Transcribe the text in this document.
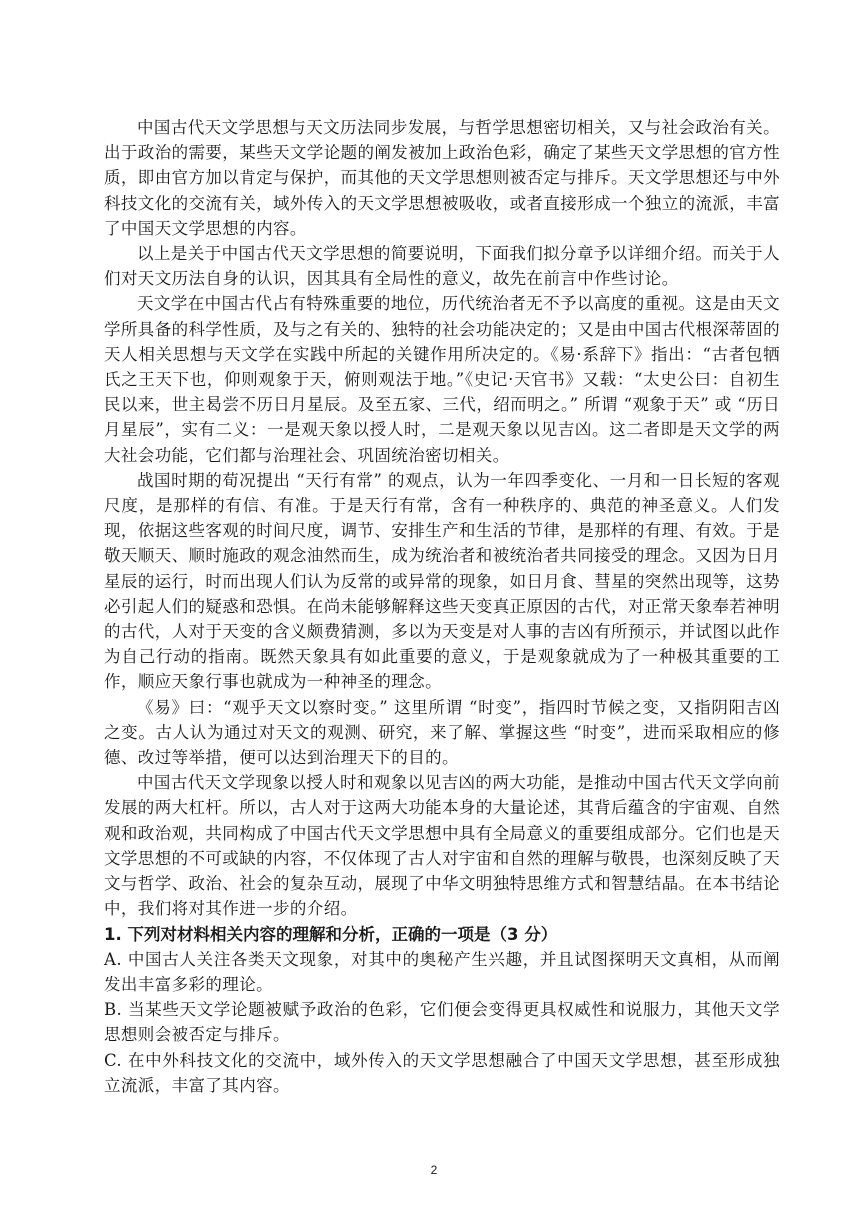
中国古代天文学思想与天文历法同步发展，与哲学思想密切相关，又与社会政治有关。出于政治的需要，某些天文学论题的阐发被加上政治色彩，确定了某些天文学思想的官方性质，即由官方加以肯定与保护，而其他的天文学思想则被否定与排斥。天文学思想还与中外科技文化的交流有关，域外传入的天文学思想被吸收，或者直接形成一个独立的流派，丰富了中国天文学思想的内容。

以上是关于中国古代天文学思想的简要说明，下面我们拟分章予以详细介绍。而关于人们对天文历法自身的认识，因其具有全局性的意义，故先在前言中作些讨论。

天文学在中国古代占有特殊重要的地位，历代统治者无不予以高度的重视。这是由天文学所具备的科学性质，及与之有关的、独特的社会功能决定的；又是由中国古代根深蒂固的天人相关思想与天文学在实践中所起的关键作用所决定的。《易·系辞下》指出：“古者包牺氏之王天下也，仰则观象于天，俯则观法于地。”《史记·天官书》又载：“太史公曰：自初生民以来，世主曷尝不历日月星辰。及至五家、三代，绍而明之。” 所谓 “观象于天” 或 “历日月星辰”，实有二义：一是观天象以授人时，二是观天象以见吉凶。这二者即是天文学的两大社会功能，它们都与治理社会、巩固统治密切相关。

战国时期的荀况提出 “天行有常” 的观点，认为一年四季变化、一月和一日长短的客观尺度，是那样的有信、有准。于是天行有常，含有一种秩序的、典范的神圣意义。人们发现，依据这些客观的时间尺度，调节、安排生产和生活的节律，是那样的有理、有效。于是敬天顺天、顺时施政的观念油然而生，成为统治者和被统治者共同接受的理念。又因为日月星辰的运行，时而出现人们认为反常的或异常的现象，如日月食、彗星的突然出现等，这势必引起人们的疑惑和恐惧。在尚未能够解释这些天变真正原因的古代，对正常天象奉若神明的古代，人对于天变的含义颇费猜测，多以为天变是对人事的吉凶有所预示，并试图以此作为自己行动的指南。既然天象具有如此重要的意义，于是观象就成为了一种极其重要的工作，顺应天象行事也就成为一种神圣的理念。

《易》曰：“观乎天文以察时变。” 这里所谓 “时变”，指四时节候之变，又指阴阳吉凶之变。古人认为通过对天文的观测、研究，来了解、掌握这些 “时变”，进而采取相应的修德、改过等举措，便可以达到治理天下的目的。

中国古代天文学现象以授人时和观象以见吉凶的两大功能，是推动中国古代天文学向前发展的两大杠杆。所以，古人对于这两大功能本身的大量论述，其背后蕴含的宇宙观、自然观和政治观，共同构成了中国古代天文学思想中具有全局意义的重要组成部分。它们也是天文学思想的不可或缺的内容，不仅体现了古人对宇宙和自然的理解与敬畏，也深刻反映了天文与哲学、政治、社会的复杂互动，展现了中华文明独特思维方式和智慧结晶。在本书结论中，我们将对其作进一步的介绍。

1. 下列对材料相关内容的理解和分析，正确的一项是（3 分）

A. 中国古人关注各类天文现象，对其中的奥秘产生兴趣，并且试图探明天文真相，从而阐发出丰富多彩的理论。

B. 当某些天文学论题被赋予政治的色彩，它们便会变得更具权威性和说服力，其他天文学思想则会被否定与排斥。

C. 在中外科技文化的交流中，域外传入的天文学思想融合了中国天文学思想，甚至形成独立流派，丰富了其内容。

2
